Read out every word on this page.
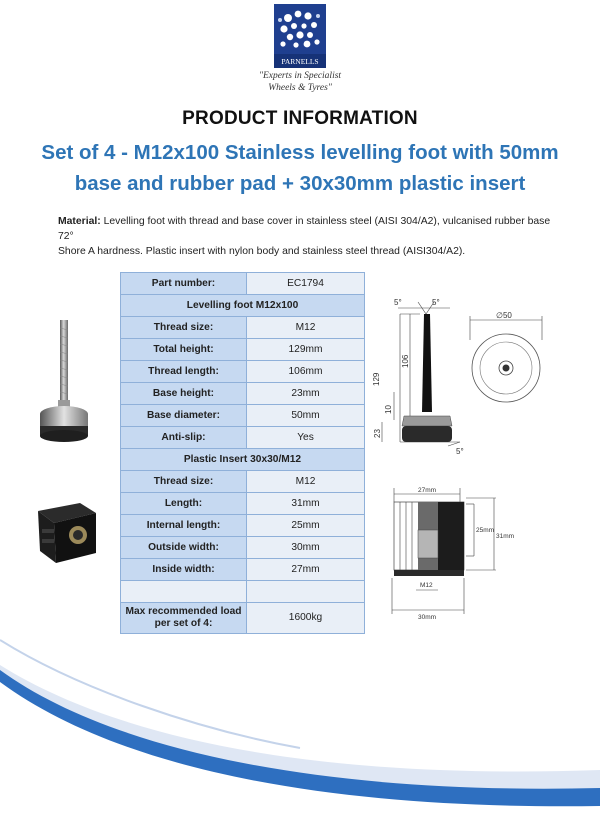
PARNELLS
"Experts in Specialist
Wheels & Tyres"
PRODUCT INFORMATION
Set of 4 - M12x100 Stainless levelling foot with 50mm
base and rubber pad + 30x30mm plastic insert
Material: Levelling foot with thread and base cover in stainless steel (AISI 304/A2), vulcanised rubber base 72°
Shore A hardness. Plastic insert with nylon body and stainless steel thread (AISI304/A2).
Part number:	EC1794
Levelling foot M12x100	
Thread size:	M12
Total height:	129mm
Thread length:	106mm
Base height:	23mm
Base diameter:	50mm
Anti-slip:	Yes
Plastic Insert 30x30/M12	
Thread size:	M12
Length:	31mm
Internal length:	25mm
Outside width:	30mm
Inside width:	27mm

Max recommended load
per set of 4:	1600kg
5°	5°
5°
129
106
10
23
∅50
27mm
25mm
31mm
M12
30mm
